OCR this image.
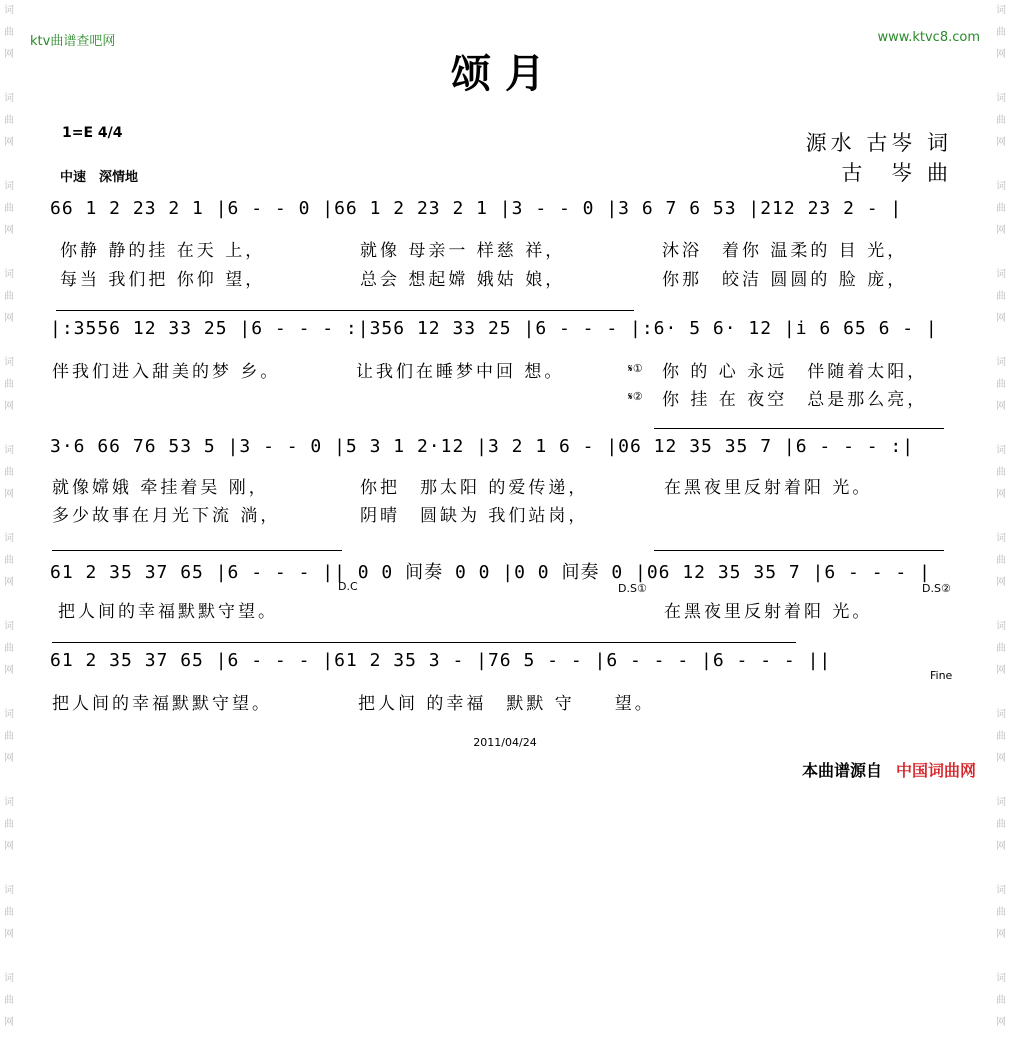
词
曲
网

词
曲
网

词
曲
网

词
曲
网

词
曲
网

词
曲
网

词
曲
网

词
曲
网

词
曲
网

词
曲
网

词
曲
网

词
曲
网

词
曲
网

词
曲
网

词
曲
网

词
曲
网

词
曲
网

词
曲
网

词
曲
网

词
曲
网

词
曲
网

词
曲
网

词
曲
网

词
曲
网

ktv曲谱查吧网	www.ktvc8.com
颂月
1=E 4/4
中速　深情地
源水 古岑 词
古　岑 曲
66 1 2 23 2 1 |6 - - 0 |66 1 2 23 2 1 |3 - - 0 |3 6 7 6 53 |212 23 2 - |
你静 静的挂 在天 上，	就像 母亲一 样慈 祥，	沐浴　着你 温柔的 目 光，
每当 我们把 你仰 望，	总会 想起嫦 娥姑 娘，	你那　皎洁 圆圆的 脸 庞，
|:3556 12 33 25 |6 - - - :|356 12 33 25 |6 - - - |:6· 5 6· 12 |i 6 65 6 - |
伴我们进入甜美的梦 乡。	让我们在睡梦中回 想。	𝄋① 你 的 心 永远　伴随着太阳，
𝄋② 你 挂 在 夜空　总是那么亮，
3·6 66 76 53 5 |3 - - 0 |5 3 1 2·12 |3 2 1 6 - |06 12 35 35 7 |6 - - - :|
就像嫦娥 牵挂着吴 刚，	你把　那太阳 的爱传递，	在黑夜里反射着阳 光。
多少故事在月光下流 淌，	阴晴　圆缺为 我们站岗，
61 2 35 37 65 |6 - - - || 0 0 间奏 0 0 |0 0 间奏 0 |06 12 35 35 7 |6 - - - |
D.C	D.S①	D.S②
把人间的幸福默默守望。	在黑夜里反射着阳 光。
61 2 35 37 65 |6 - - - |61 2 35 3 - |76 5 - - |6 - - - |6 - - - ||
Fine
把人间的幸福默默守望。	把人间 的幸福　默默 守　　望。
2011/04/24
本曲谱源自 中国词曲网
